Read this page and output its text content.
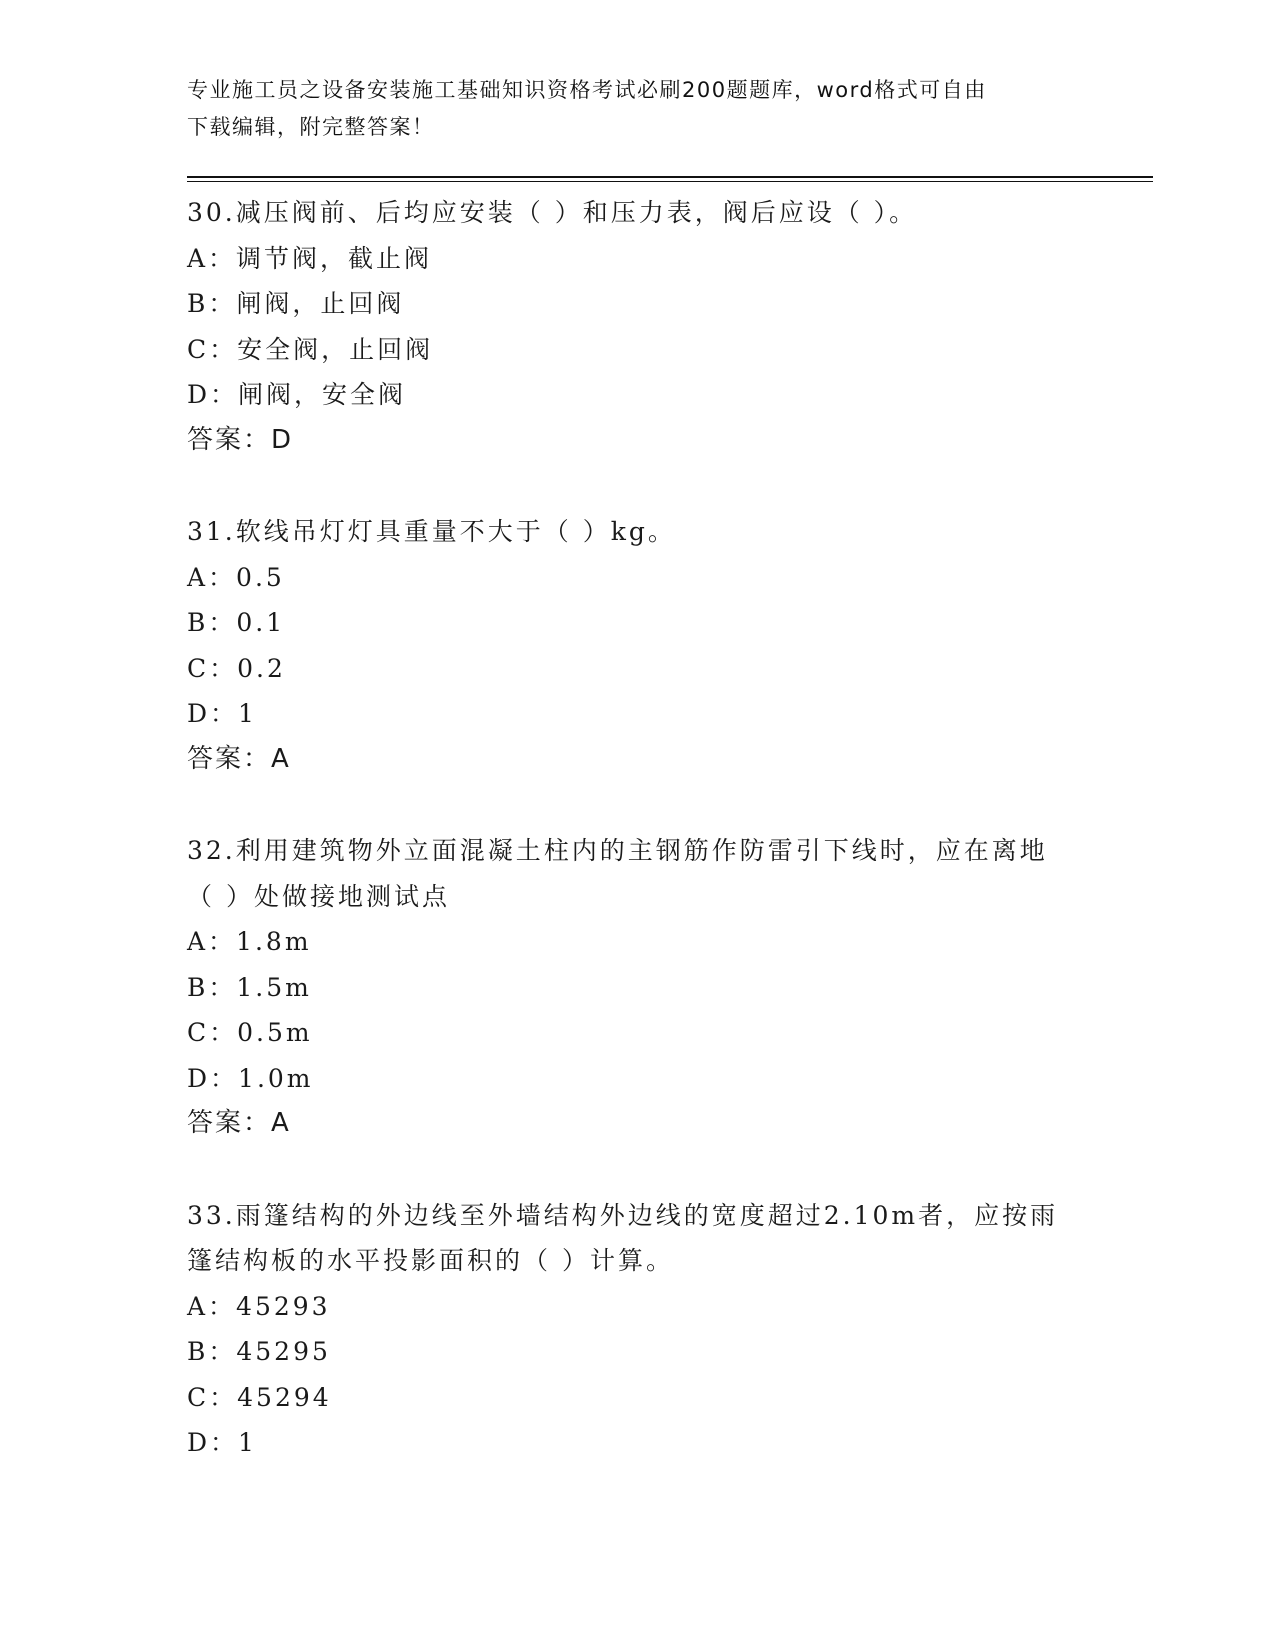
专业施工员之设备安装施工基础知识资格考试必刷200题题库，word格式可自由
下载编辑，附完整答案！
30.减压阀前、后均应安装（ ）和压力表，阀后应设（ ）。
A：调节阀，截止阀
B：闸阀，止回阀
C：安全阀，止回阀
D：闸阀，安全阀
答案：D
31.软线吊灯灯具重量不大于（ ）kg。
A：0.5
B：0.1
C：0.2
D：1
答案：A
32.利用建筑物外立面混凝土柱内的主钢筋作防雷引下线时，应在离地
（ ）处做接地测试点
A：1.8m
B：1.5m
C：0.5m
D：1.0m
答案：A
33.雨篷结构的外边线至外墙结构外边线的宽度超过2.10m者，应按雨
篷结构板的水平投影面积的（ ）计算。
A：45293
B：45295
C：45294
D：1
